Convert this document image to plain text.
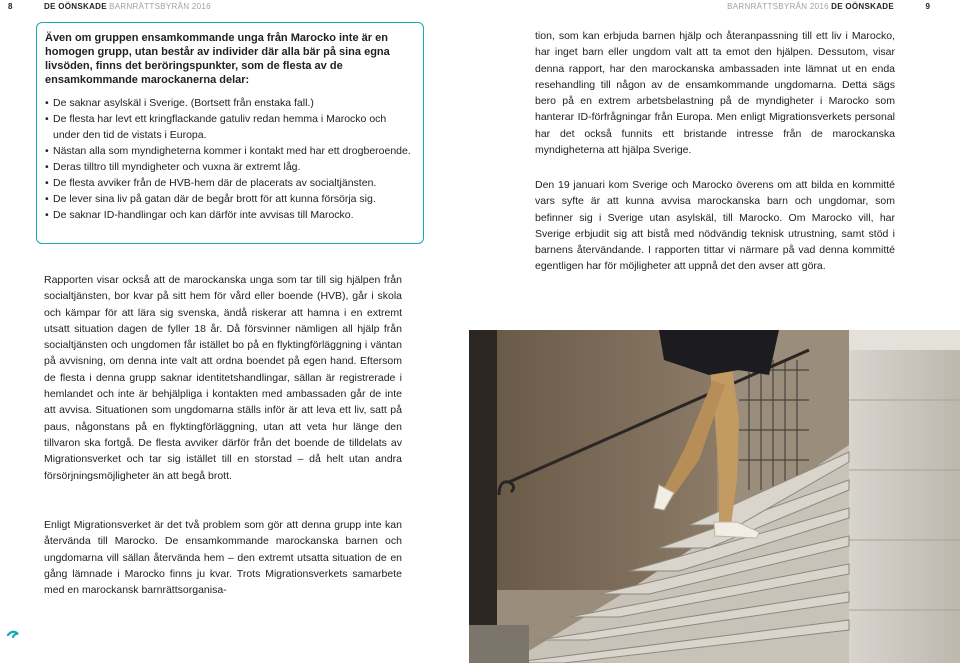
8	DE OÖNSKADE BARNRÄTTSBYRÅN 2016	BARNRÄTTSBYRÅN 2016 DE OÖNSKADE	9

Även om gruppen ensamkommande unga från Marocko inte är en homogen grupp, utan består av individer där alla bär på sina egna livsöden, finns det beröringspunkter, som de flesta av de ensamkommande marockanerna delar:

• De saknar asylskäl i Sverige. (Bortsett från enstaka fall.)
• De flesta har levt ett kringflackande gatuliv redan hemma i Marocko och under den tid de vistats i Europa.
• Nästan alla som myndigheterna kommer i kontakt med har ett drogberoende.
• Deras tilltro till myndigheter och vuxna är extremt låg.
• De flesta avviker från de HVB-hem där de placerats av socialtjänsten.
• De lever sina liv på gatan där de begår brott för att kunna försörja sig.
• De saknar ID-handlingar och kan därför inte avvisas till Marocko.

Rapporten visar också att de marockanska unga som tar till sig hjälpen från socialtjänsten, bor kvar på sitt hem för vård eller boende (HVB), går i skola och kämpar för att lära sig svenska, ändå riskerar att hamna i en extremt utsatt situation dagen de fyller 18 år. Då försvinner nämligen all hjälp från socialtjänsten och ungdomen får istället bo på en flyktingförläggning i väntan på avvisning, om denna inte valt att ordna boendet på egen hand. Eftersom de flesta i denna grupp saknar identitetshandlingar, sällan är registrerade i hemlandet och inte är behjälpliga i kontakten med ambassaden går de inte att avvisa. Situationen som ungdomarna ställs inför är att leva ett liv, satt på paus, någonstans på en flyktingförläggning, utan att veta hur länge den tillvaron ska fortgå. De flesta avviker därför från det boende de tilldelats av Migrationsverket och tar sig istället till en storstad – då helt utan andra försörjningsmöjligheter än att begå brott.

Enligt Migrationsverket är det två problem som gör att denna grupp inte kan återvända till Marocko. De ensamkommande marockanska barnen och ungdomarna vill sällan återvända hem – den extremt utsatta situation de en gång lämnade i Marocko finns ju kvar. Trots Migrationsverkets samarbete med en marockansk barnrättsorganisa-

tion, som kan erbjuda barnen hjälp och återanpassning till ett liv i Marocko, har inget barn eller ungdom valt att ta emot den hjälpen. Dessutom, visar denna rapport, har den marockanska ambassaden inte lämnat ut en enda resehandling till någon av de ensamkommande ungdomarna. Detta sägs bero på en extrem arbetsbelastning på de myndigheter i Marocko som hanterar ID-förfrågningar från Europa. Men enligt Migrationsverkets personal har det också funnits ett bristande intresse från de marockanska myndigheterna att hjälpa Sverige.

Den 19 januari kom Sverige och Marocko överens om att bilda en kommitté vars syfte är att kunna avvisa marockanska barn och ungdomar, som befinner sig i Sverige utan asylskäl, till Marocko. Om Marocko vill, har Sverige erbjudit sig att bistå med nödvändig teknisk utrustning, samt stöd i barnens återvändande. I rapporten tittar vi närmare på vad denna kommitté egentligen har för möjligheter att uppnå det den avser att göra.
